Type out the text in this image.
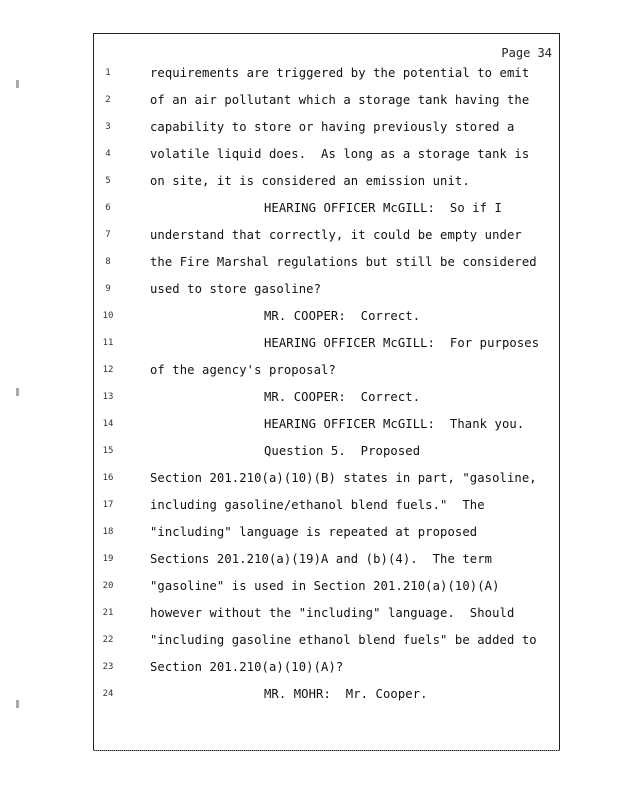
Page 34
1	requirements are triggered by the potential to emit
2	of an air pollutant which a storage tank having the
3	capability to store or having previously stored a
4	volatile liquid does.  As long as a storage tank is
5	on site, it is considered an emission unit.
6	HEARING OFFICER McGILL:  So if I
7	understand that correctly, it could be empty under
8	the Fire Marshal regulations but still be considered
9	used to store gasoline?
10	MR. COOPER:  Correct.
11	HEARING OFFICER McGILL:  For purposes
12	of the agency's proposal?
13	MR. COOPER:  Correct.
14	HEARING OFFICER McGILL:  Thank you.
15	Question 5.  Proposed
16	Section 201.210(a)(10)(B) states in part, "gasoline,
17	including gasoline/ethanol blend fuels."  The
18	"including" language is repeated at proposed
19	Sections 201.210(a)(19)A and (b)(4).  The term
20	"gasoline" is used in Section 201.210(a)(10)(A)
21	however without the "including" language.  Should
22	"including gasoline ethanol blend fuels" be added to
23	Section 201.210(a)(10)(A)?
24	MR. MOHR:  Mr. Cooper.
